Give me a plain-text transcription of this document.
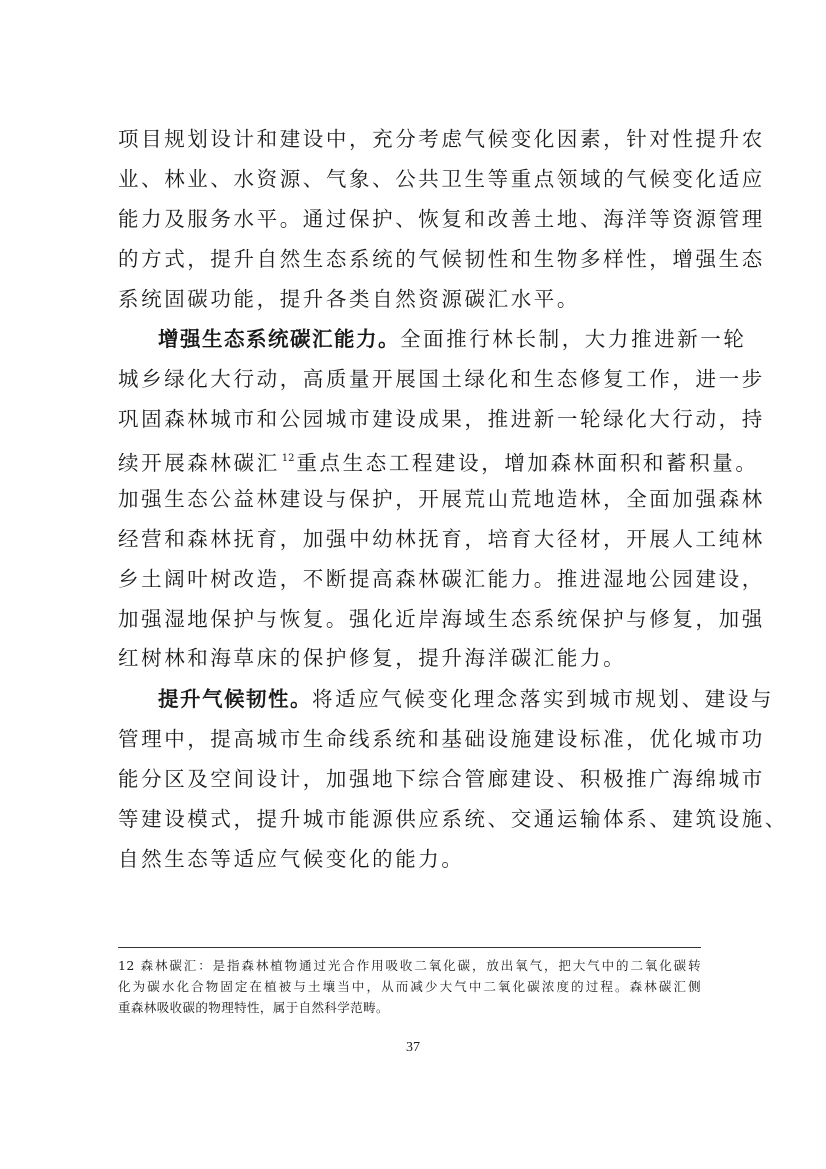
项目规划设计和建设中，充分考虑气候变化因素，针对性提升农
业、林业、水资源、气象、公共卫生等重点领域的气候变化适应
能力及服务水平。通过保护、恢复和改善土地、海洋等资源管理
的方式，提升自然生态系统的气候韧性和生物多样性，增强生态
系统固碳功能，提升各类自然资源碳汇水平。
增强生态系统碳汇能力。全面推行林长制，大力推进新一轮
城乡绿化大行动，高质量开展国土绿化和生态修复工作，进一步
巩固森林城市和公园城市建设成果，推进新一轮绿化大行动，持
续开展森林碳汇 $^{12}$重点生态工程建设，增加森林面积和蓄积量。
加强生态公益林建设与保护，开展荒山荒地造林，全面加强森林
经营和森林抚育，加强中幼林抚育，培育大径材，开展人工纯林
乡土阔叶树改造，不断提高森林碳汇能力。推进湿地公园建设，
加强湿地保护与恢复。强化近岸海域生态系统保护与修复，加强
红树林和海草床的保护修复，提升海洋碳汇能力。
提升气候韧性。将适应气候变化理念落实到城市规划、建设与
管理中，提高城市生命线系统和基础设施建设标准，优化城市功
能分区及空间设计，加强地下综合管廊建设、积极推广海绵城市
等建设模式，提升城市能源供应系统、交通运输体系、建筑设施、
自然生态等适应气候变化的能力。
12 森林碳汇：是指森林植物通过光合作用吸收二氧化碳，放出氧气，把大气中的二氧化碳转
化为碳水化合物固定在植被与土壤当中，从而减少大气中二氧化碳浓度的过程。森林碳汇侧
重森林吸收碳的物理特性，属于自然科学范畴。
37
